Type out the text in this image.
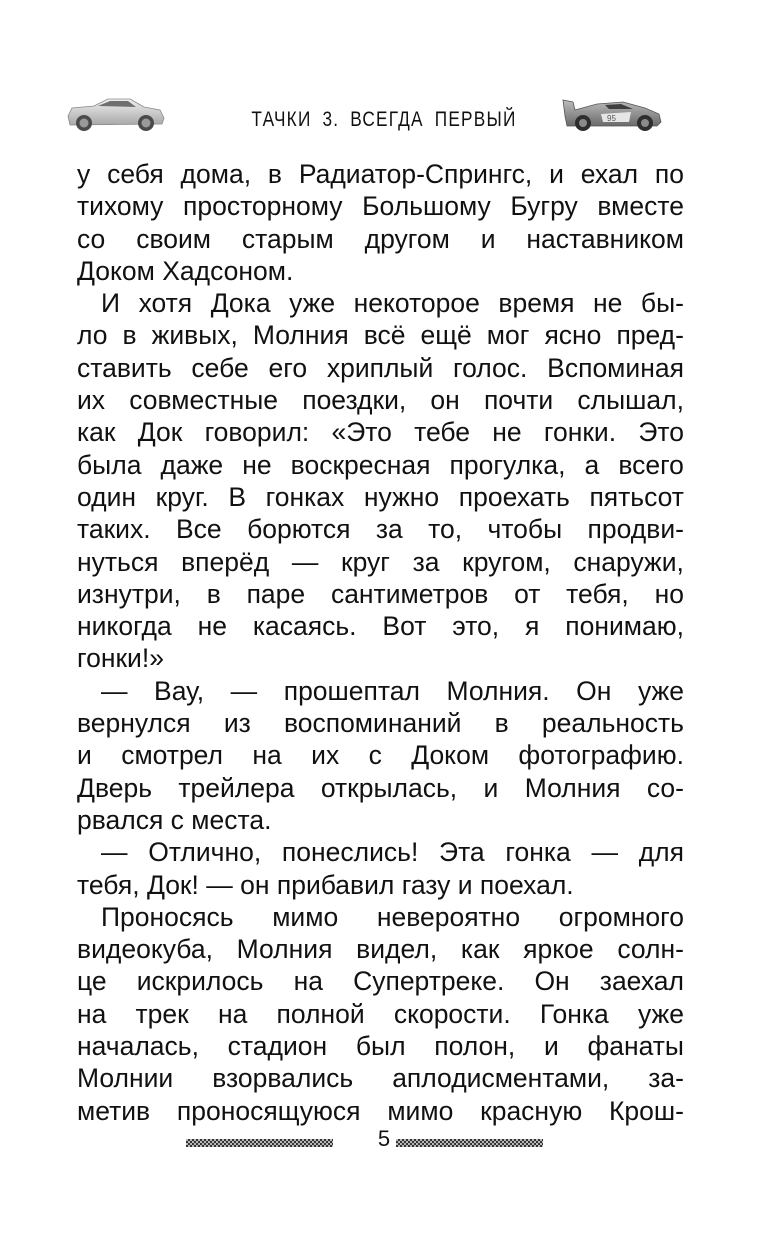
ТАЧКИ 3. ВСЕГДА ПЕРВЫЙ	95
у себя дома, в Радиатор-Спрингс, и ехал по
тихому просторному Большому Бугру вместе
со своим старым другом и наставником
Доком Хадсоном.
И хотя Дока уже некоторое время не бы-
ло в живых, Молния всё ещё мог ясно пред-
ставить себе его хриплый голос. Вспоминая
их совместные поездки, он почти слышал,
как Док говорил: «Это тебе не гонки. Это
была даже не воскресная прогулка, а всего
один круг. В гонках нужно проехать пятьсот
таких. Все борются за то, чтобы продви-
нуться вперёд — круг за кругом, снаружи,
изнутри, в паре сантиметров от тебя, но
никогда не касаясь. Вот это, я понимаю,
гонки!»
— Вау, — прошептал Молния. Он уже
вернулся из воспоминаний в реальность
и смотрел на их с Доком фотографию.
Дверь трейлера открылась, и Молния со-
рвался с места.
— Отлично, понеслись! Эта гонка — для
тебя, Док! — он прибавил газу и поехал.
Проносясь мимо невероятно огромного
видеокуба, Молния видел, как яркое солн-
це искрилось на Супертреке. Он заехал
на трек на полной скорости. Гонка уже
началась, стадион был полон, и фанаты
Молнии взорвались аплодисментами, за-
метив проносящуюся мимо красную Крош-
5
